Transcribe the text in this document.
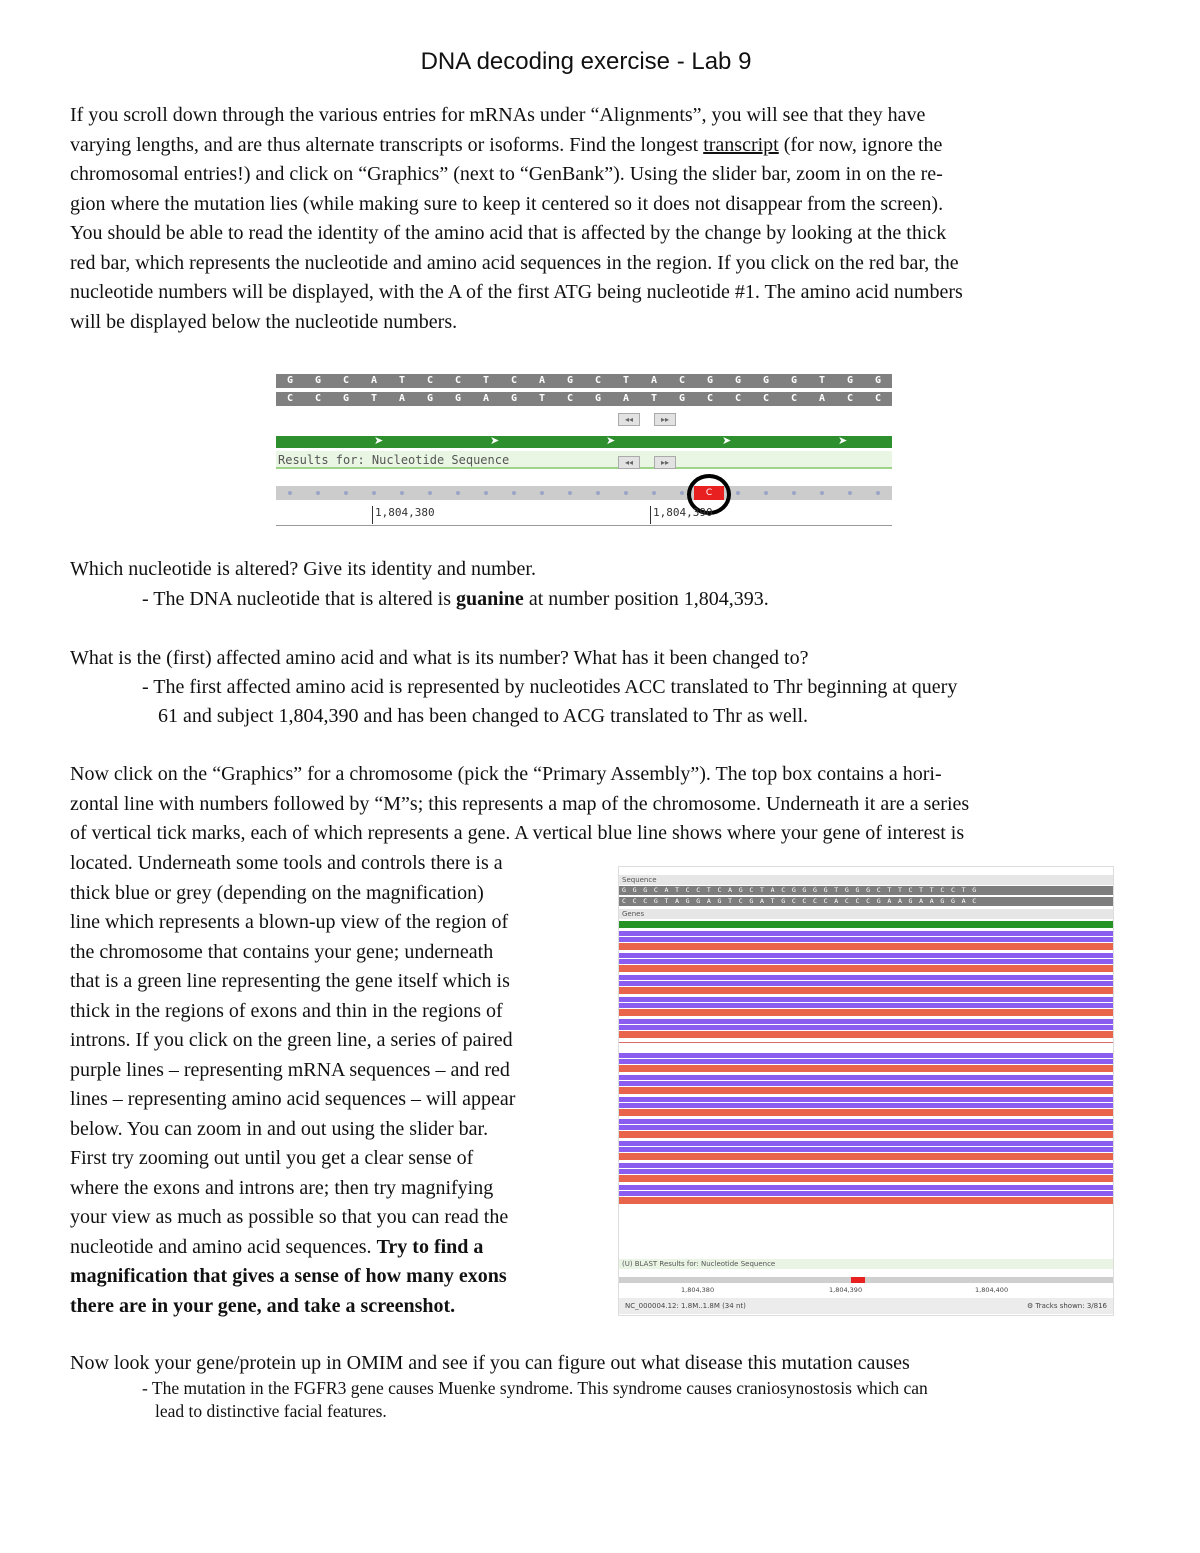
DNA decoding exercise - Lab 9
If you scroll down through the various entries for mRNAs under “Alignments”, you will see that they have
varying lengths, and are thus alternate transcripts or isoforms. Find the longest transcript (for now, ignore the
chromosomal entries!) and click on “Graphics” (next to “GenBank”). Using the slider bar, zoom in on the re-
gion where the mutation lies (while making sure to keep it centered so it does not disappear from the screen).
You should be able to read the identity of the amino acid that is affected by the change by looking at the thick
red bar, which represents the nucleotide and amino acid sequences in the region. If you click on the red bar, the
nucleotide numbers will be displayed, with the A of the first ATG being nucleotide #1. The amino acid numbers
will be displayed below the nucleotide numbers.
G	G	C	A	T	C	C	T	C	A	G	C	T	A	C	G	G	G	G	T	G	G
C	C	G	T	A	G	G	A	G	T	C	G	A	T	G	C	C	C	C	A	C	C
◂◂	▸▸
➤	➤	➤	➤	➤
Results for: Nucleotide Sequence	◂◂	▸▸
C
1,804,380	1,804,390
Which nucleotide is altered? Give its identity and number.
- The DNA nucleotide that is altered is guanine at number position 1,804,393.
What is the (first) affected amino acid and what is its number? What has it been changed to?
- The first affected amino acid is represented by nucleotides ACC translated to Thr beginning at query
61 and subject 1,804,390 and has been changed to ACG translated to Thr as well.
Now click on the “Graphics” for a chromosome (pick the “Primary Assembly”). The top box contains a hori-
zontal line with numbers followed by “M”s; this represents a map of the chromosome. Underneath it are a series
of vertical tick marks, each of which represents a gene. A vertical blue line shows where your gene of interest is
located. Underneath some tools and controls there is a
thick blue or grey (depending on the magnification)
line which represents a blown-up view of the region of
the chromosome that contains your gene; underneath
that is a green line representing the gene itself which is
thick in the regions of exons and thin in the regions of
introns. If you click on the green line, a series of paired
purple lines – representing mRNA sequences – and red
lines – representing amino acid sequences – will appear
below. You can zoom in and out using the slider bar.
First try zooming out until you get a clear sense of
where the exons and introns are; then try magnifying
your view as much as possible so that you can read the
nucleotide and amino acid sequences. Try to find a
magnification that gives a sense of how many exons
there are in your gene, and take a screenshot.
Sequence
GGGCATCCTCAGCTACGGGGTGGGCTTCTTCCTG
CCCGTAGGAGTCGATGCCCCACCCGAAGAAGGAC
Genes
(U) BLAST Results for: Nucleotide Sequence
1,804,380	1,804,390	1,804,400
NC_000004.12: 1.8M..1.8M (34 nt)	⚙ Tracks shown: 3/816
Now look your gene/protein up in OMIM and see if you can figure out what disease this mutation causes
- The mutation in the FGFR3 gene causes Muenke syndrome. This syndrome causes craniosynostosis which can
lead to distinctive facial features.
